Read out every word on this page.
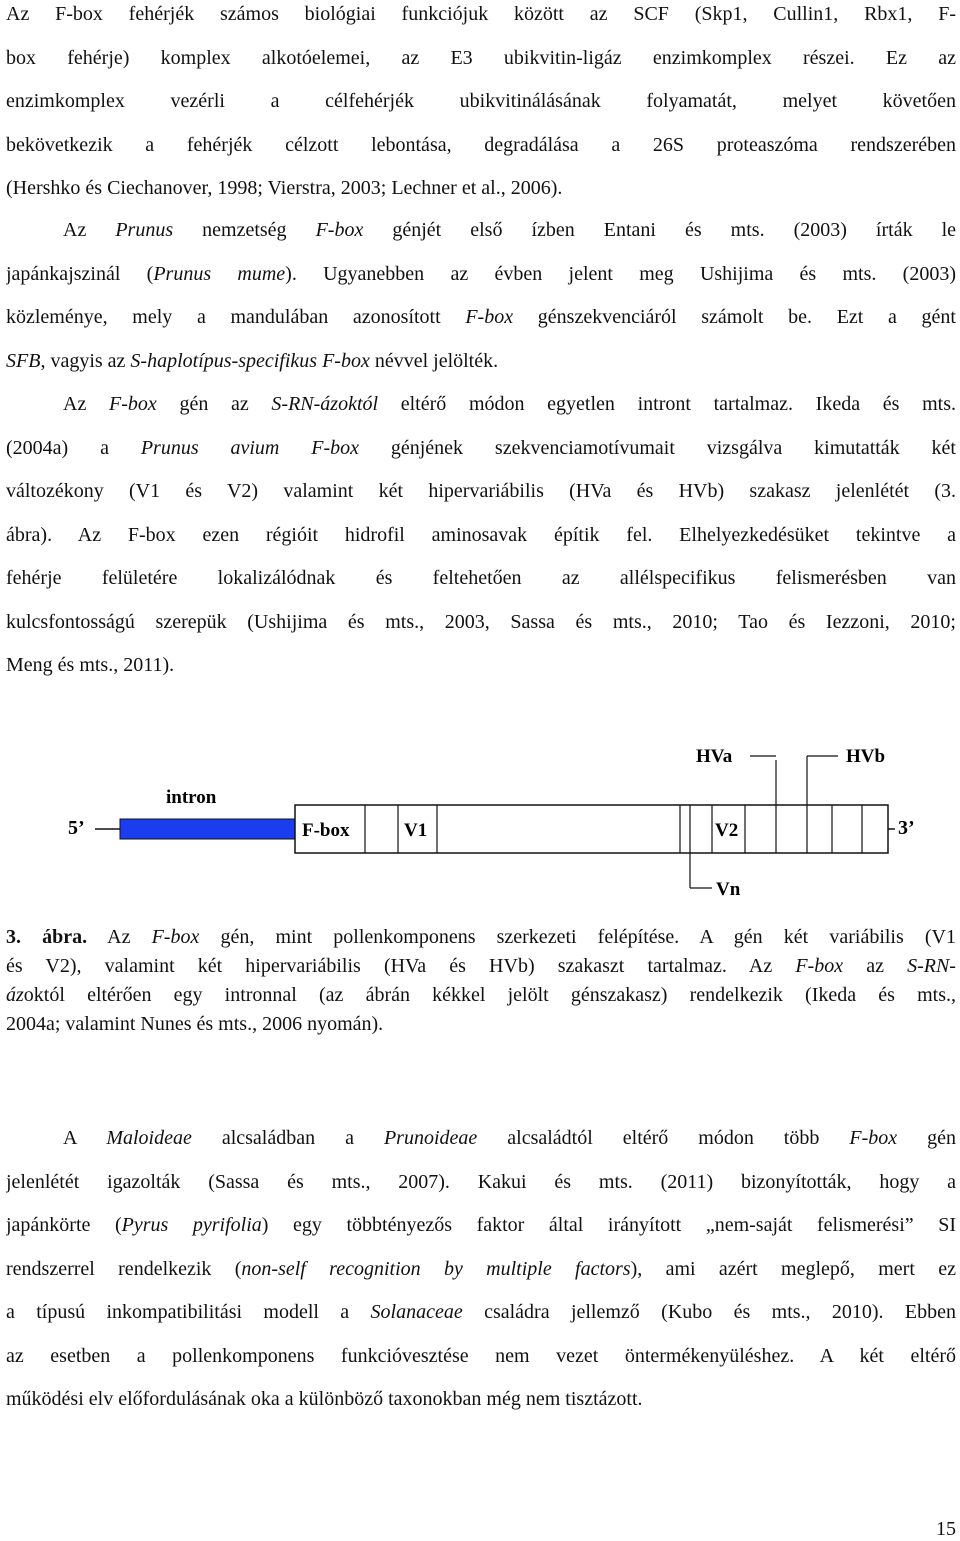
Az F-box fehérjék számos biológiai funkciójuk között az SCF (Skp1, Cullin1, Rbx1, F-
box fehérje) komplex alkotóelemei, az E3 ubikvitin-ligáz enzimkomplex részei. Ez az
enzimkomplex vezérli a célfehérjék ubikvitinálásának folyamatát, melyet követően
bekövetkezik a fehérjék célzott lebontása, degradálása a 26S proteaszóma rendszerében
(Hershko és Ciechanover, 1998; Vierstra, 2003; Lechner et al., 2006).
Az Prunus nemzetség F-box génjét első ízben Entani és mts. (2003) írták le
japánkajszinál (Prunus mume). Ugyanebben az évben jelent meg Ushijima és mts. (2003)
közleménye, mely a mandulában azonosított F-box génszekvenciáról számolt be. Ezt a gént
SFB, vagyis az S-haplotípus-specifikus F-box névvel jelölték.
Az F-box gén az S-RN-ázoktól eltérő módon egyetlen intront tartalmaz. Ikeda és mts.
(2004a) a Prunus avium F-box génjének szekvenciamotívumait vizsgálva kimutatták két
változékony (V1 és V2) valamint két hipervariábilis (HVa és HVb) szakasz jelenlétét (3.
ábra). Az F-box ezen régióit hidrofil aminosavak építik fel. Elhelyezkedésüket tekintve a
fehérje felületére lokalizálódnak és feltehetően az allélspecifikus felismerésben van
kulcsfontosságú szerepük (Ushijima és mts., 2003, Sassa és mts., 2010; Tao és Iezzoni, 2010;
Meng és mts., 2011).
5’
intron
F-box	V1	V2
HVa	HVb
Vn
3’
3. ábra. Az F-box gén, mint pollenkomponens szerkezeti felépítése. A gén két variábilis (V1
és V2), valamint két hipervariábilis (HVa és HVb) szakaszt tartalmaz. Az F-box az S-RN-
ázoktól eltérően egy intronnal (az ábrán kékkel jelölt génszakasz) rendelkezik (Ikeda és mts.,
2004a; valamint Nunes és mts., 2006 nyomán).
A Maloideae alcsaládban a Prunoideae alcsaládtól eltérő módon több F-box gén
jelenlétét igazolták (Sassa és mts., 2007). Kakui és mts. (2011) bizonyították, hogy a
japánkörte (Pyrus pyrifolia) egy többtényezős faktor által irányított „nem-saját felismerési” SI
rendszerrel rendelkezik (non-self recognition by multiple factors), ami azért meglepő, mert ez
a típusú inkompatibilitási modell a Solanaceae családra jellemző (Kubo és mts., 2010). Ebben
az esetben a pollenkomponens funkcióvesztése nem vezet öntermékenyüléshez. A két eltérő
működési elv előfordulásának oka a különböző taxonokban még nem tisztázott.
15
